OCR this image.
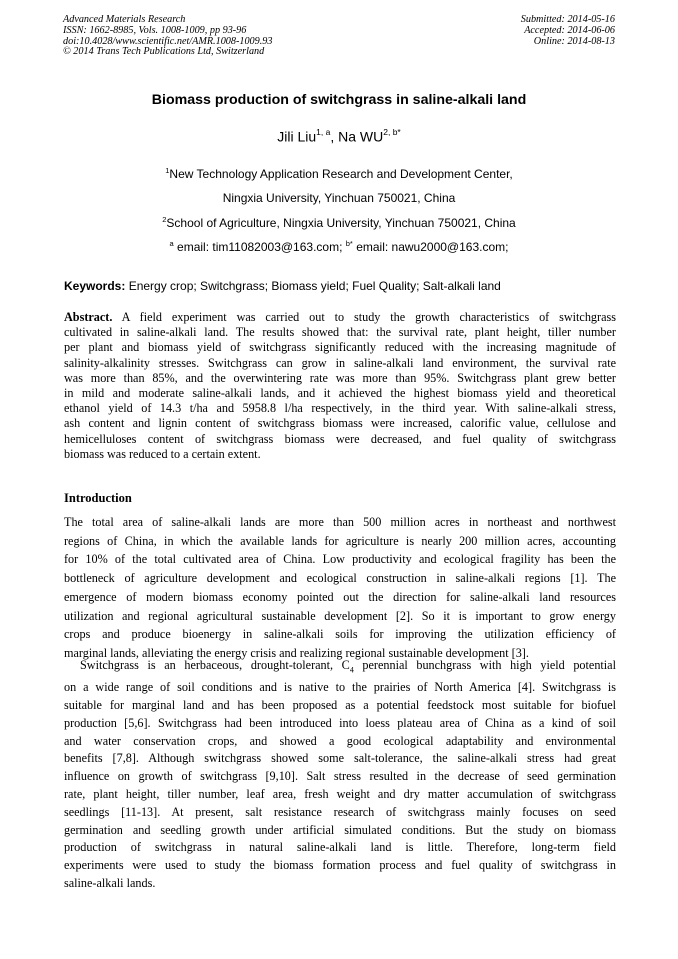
Advanced Materials Research
ISSN: 1662-8985, Vols. 1008-1009, pp 93-96
doi:10.4028/www.scientific.net/AMR.1008-1009.93
© 2014 Trans Tech Publications Ltd, Switzerland
Submitted: 2014-05-16
Accepted: 2014-06-06
Online: 2014-08-13
Biomass production of switchgrass in saline-alkali land
Jili Liu$^{1, a}$, Na $WU^{2, b*}$
$^1$New Technology Application Research and Development Center,
Ningxia University, Yinchuan 750021, China
$^2$School of Agriculture, Ningxia University, Yinchuan 750021, China
$^a$ email: tim11082003@163.com; $^{b*}$ email: nawu2000@163.com;
Keywords: Energy crop; Switchgrass; Biomass yield; Fuel Quality; Salt-alkali land
Abstract. A field experiment was carried out to study the growth characteristics of switchgrass
cultivated in saline-alkali land. The results showed that: the survival rate, plant height, tiller number
per plant and biomass yield of switchgrass significantly reduced with the increasing magnitude of
salinity-alkalinity stresses. Switchgrass can grow in saline-alkali land environment, the survival rate
was more than 85%, and the overwintering rate was more than 95%. Switchgrass plant grew better
in mild and moderate saline-alkali lands, and it achieved the highest biomass yield and theoretical
ethanol yield of 14.3 t/ha and 5958.8 l/ha respectively, in the third year. With saline-alkali stress,
ash content and lignin content of switchgrass biomass were increased, calorific value, cellulose and
hemicelluloses content of switchgrass biomass were decreased, and fuel quality of switchgrass
biomass was reduced to a certain extent.
Introduction
The total area of saline-alkali lands are more than 500 million acres in northeast and northwest
regions of China, in which the available lands for agriculture is nearly 200 million acres, accounting
for 10% of the total cultivated area of China. Low productivity and ecological fragility has been the
bottleneck of agriculture development and ecological construction in saline-alkali regions [1]. The
emergence of modern biomass economy pointed out the direction for saline-alkali land resources
utilization and regional agricultural sustainable development [2]. So it is important to grow energy
crops and produce bioenergy in saline-alkali soils for improving the utilization efficiency of
marginal lands, alleviating the energy crisis and realizing regional sustainable development [3].
Switchgrass is an herbaceous, drought-tolerant, $C_4$ perennial bunchgrass with high yield potential
on a wide range of soil conditions and is native to the prairies of North America [4]. Switchgrass is
suitable for marginal land and has been proposed as a potential feedstock most suitable for biofuel
production [5,6]. Switchgrass had been introduced into loess plateau area of China as a kind of soil
and water conservation crops, and showed a good ecological adaptability and environmental
benefits [7,8]. Although switchgrass showed some salt-tolerance, the saline-alkali stress had great
influence on growth of switchgrass [9,10]. Salt stress resulted in the decrease of seed germination
rate, plant height, tiller number, leaf area, fresh weight and dry matter accumulation of switchgrass
seedlings [11-13]. At present, salt resistance research of switchgrass mainly focuses on seed
germination and seedling growth under artificial simulated conditions. But the study on biomass
production of switchgrass in natural saline-alkali land is little. Therefore, long-term field
experiments were used to study the biomass formation process and fuel quality of switchgrass in
saline-alkali lands.
